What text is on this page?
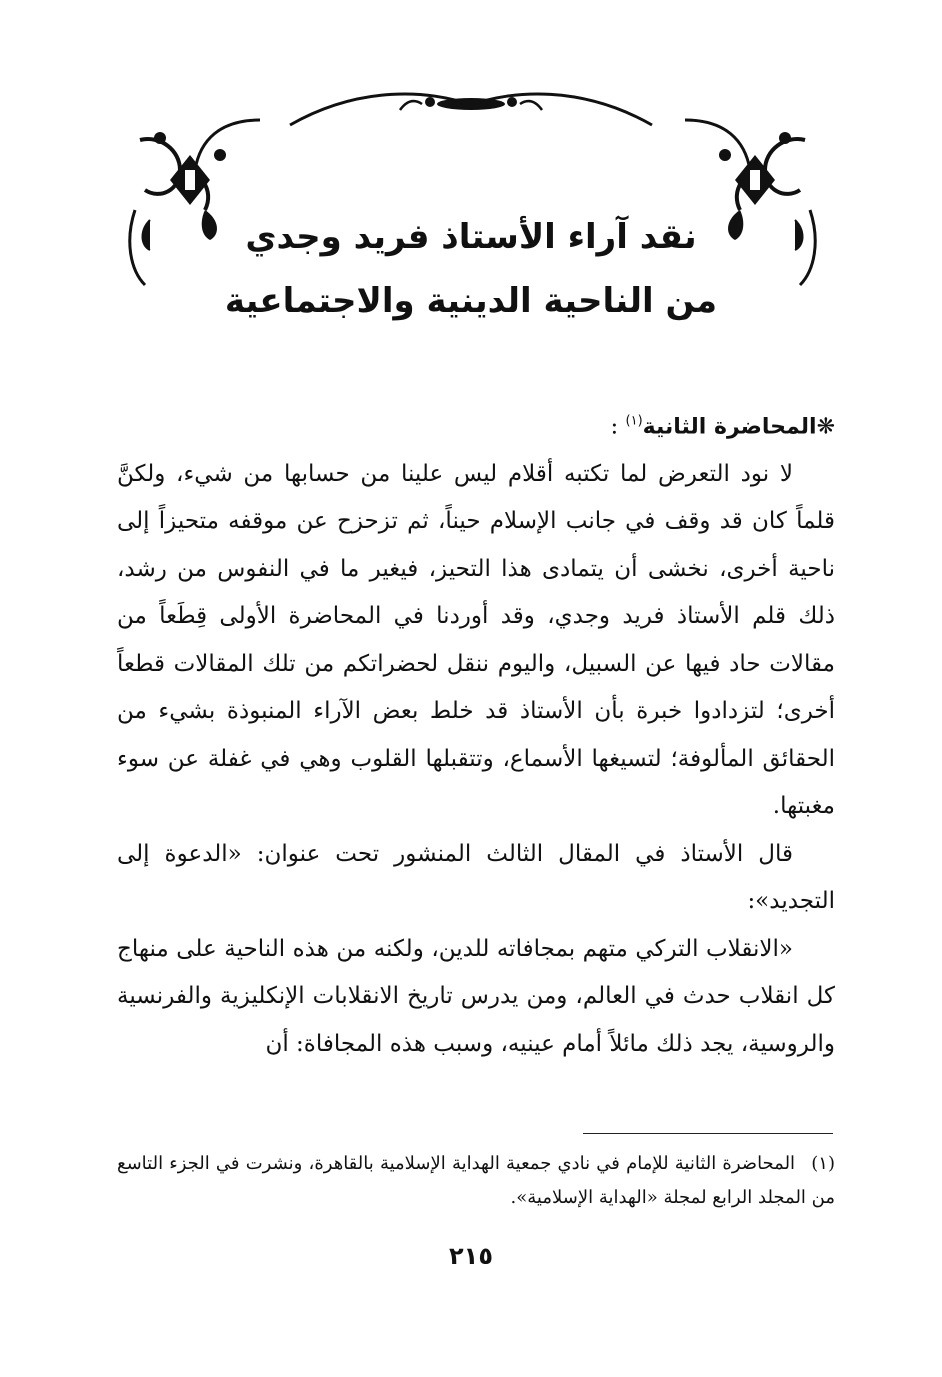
نقد آراء الأستاذ فريد وجدي
من الناحية الدينية والاجتماعية

❋المحاضرة الثانية$^{(١)}$ :

لا نود التعرض لما تكتبه أقلام ليس علينا من حسابها من شيء، ولكنَّ قلماً كان قد وقف في جانب الإسلام حيناً، ثم تزحزح عن موقفه متحيزاً إلى ناحية أخرى، نخشى أن يتمادى هذا التحيز، فيغير ما في النفوس من رشد، ذلك قلم الأستاذ فريد وجدي، وقد أوردنا في المحاضرة الأولى قِطَعاً من مقالات حاد فيها عن السبيل، واليوم ننقل لحضراتكم من تلك المقالات قطعاً أخرى؛ لتزدادوا خبرة بأن الأستاذ قد خلط بعض الآراء المنبوذة بشيء من الحقائق المألوفة؛ لتسيغها الأسماع، وتتقبلها القلوب وهي في غفلة عن سوء مغبتها.

قال الأستاذ في المقال الثالث المنشور تحت عنوان: «الدعوة إلى التجديد»:

«الانقلاب التركي متهم بمجافاته للدين، ولكنه من هذه الناحية على منهاج كل انقلاب حدث في العالم، ومن يدرس تاريخ الانقلابات الإنكليزية والفرنسية والروسية، يجد ذلك مائلاً أمام عينيه، وسبب هذه المجافاة: أن

(١) المحاضرة الثانية للإمام في نادي جمعية الهداية الإسلامية بالقاهرة، ونشرت في الجزء التاسع من المجلد الرابع لمجلة «الهداية الإسلامية».

٢١٥
